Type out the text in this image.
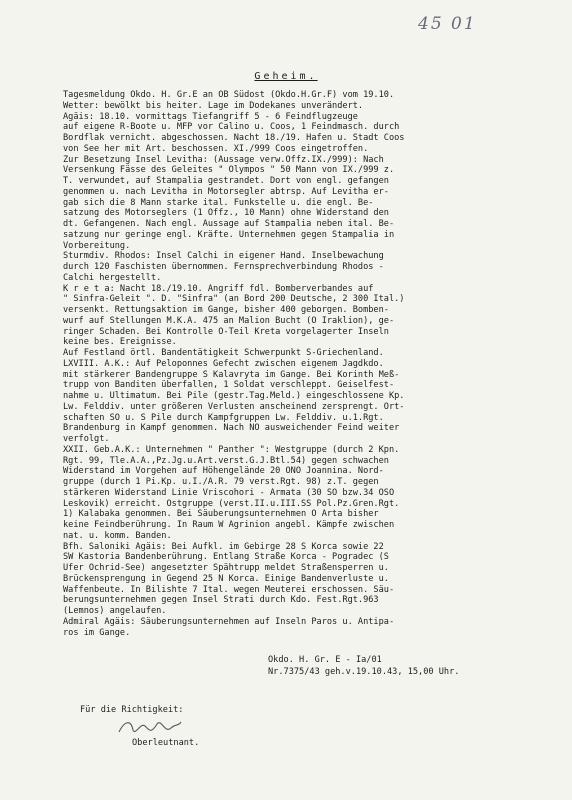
45 01
Geheim.
Tagesmeldung Okdo. H. Gr.E an OB Südost (Okdo.H.Gr.F) vom 19.10.
Wetter: bewölkt bis heiter. Lage im Dodekanes unverändert.
Ägäis: 18.10. vormittags Tiefangriff 5 - 6 Feindflugzeuge
auf eigene R-Boote u. MFP vor Calino u. Coos, 1 Feindmasch. durch
Bordflak vernicht. abgeschossen. Nacht 18./19. Hafen u. Stadt Coos
von See her mit Art. beschossen. XI./999 Coos eingetroffen.
Zur Besetzung Insel Levitha: (Aussage verw.Offz.IX./999): Nach
Versenkung Fässe des Geleites " Olympos " 50 Mann von IX./999 z.
T. verwundet, auf Stampalia gestrandet. Dort von engl. gefangen
genommen u. nach Levitha in Motorsegler abtrsp. Auf Levitha er-
gab sich die 8 Mann starke ital. Funkstelle u. die engl. Be-
satzung des Motorseglers (1 Offz., 10 Mann) ohne Widerstand den
dt. Gefangenen. Nach engl. Aussage auf Stampalia neben ital. Be-
satzung nur geringe engl. Kräfte. Unternehmen gegen Stampalia in
Vorbereitung.
Sturmdiv. Rhodos: Insel Calchi in eigener Hand. Inselbewachung
durch 120 Faschisten übernommen. Fernsprechverbindung Rhodos -
Calchi hergestellt.
K r e t a: Nacht 18./19.10. Angriff fdl. Bomberverbandes auf
" Sinfra-Geleit ". D. "Sinfra" (an Bord 200 Deutsche, 2 300 Ital.)
versenkt. Rettungsaktion im Gange, bisher 400 geborgen. Bomben-
wurf auf Stellungen M.K.A. 475 an Malion Bucht (O Iraklion), ge-
ringer Schaden. Bei Kontrolle O-Teil Kreta vorgelagerter Inseln
keine bes. Ereignisse.
Auf Festland örtl. Bandentätigkeit Schwerpunkt S-Griechenland.
LXVIII. A.K.: Auf Peloponnes Gefecht zwischen eigenem Jagdkdo.
mit stärkerer Bandengruppe S Kalavryta im Gange. Bei Korinth Meß-
trupp von Banditen überfallen, 1 Soldat verschleppt. Geiselfest-
nahme u. Ultimatum. Bei Pile (gestr.Tag.Meld.) eingeschlossene Kp.
Lw. Felddiv. unter größeren Verlusten anscheinend zersprengt. Ort-
schaften SO u. S Pile durch Kampfgruppen Lw. Felddiv. u.1.Rgt.
Brandenburg in Kampf genommen. Nach NO ausweichender Feind weiter
verfolgt.
XXII. Geb.A.K.: Unternehmen " Panther ": Westgruppe (durch 2 Kpn.
Rgt. 99, Tle.A.A.,Pz.Jg.u.Art.verst.G.J.Btl.54) gegen schwachen
Widerstand im Vorgehen auf Höhengelände 20 ONO Joannina. Nord-
gruppe (durch 1 Pi.Kp. u.I./A.R. 79 verst.Rgt. 98) z.T. gegen
stärkeren Widerstand Linie Vriscohori - Armata (30 SO bzw.34 OSO
Leskovik) erreicht. Ostgruppe (verst.II.u.III.SS Pol.Pz.Gren.Rgt.
1) Kalabaka genommen. Bei Säuberungsunternehmen O Arta bisher
keine Feindberührung. In Raum W Agrinion angebl. Kämpfe zwischen
nat. u. komm. Banden.
Bfh. Saloniki Ägäis: Bei Aufkl. im Gebirge 28 S Korca sowie 22
SW Kastoria Bandenberührung. Entlang Straße Korca - Pogradec (S
Ufer Ochrid-See) angesetzter Spähtrupp meldet Straßensperren u.
Brückensprengung in Gegend 25 N Korca. Einige Bandenverluste u.
Waffenbeute. In Bilishte 7 Ital. wegen Meuterei erschossen. Säu-
berungsunternehmen gegen Insel Strati durch Kdo. Fest.Rgt.963
(Lemnos) angelaufen.
Admiral Ägäis: Säuberungsunternehmen auf Inseln Paros u. Antipa-
ros im Gange.
Okdo. H. Gr. E - Ia/01
Nr.7375/43 geh.v.19.10.43, 15,00 Uhr.
Für die Richtigkeit:
Oberleutnant.
